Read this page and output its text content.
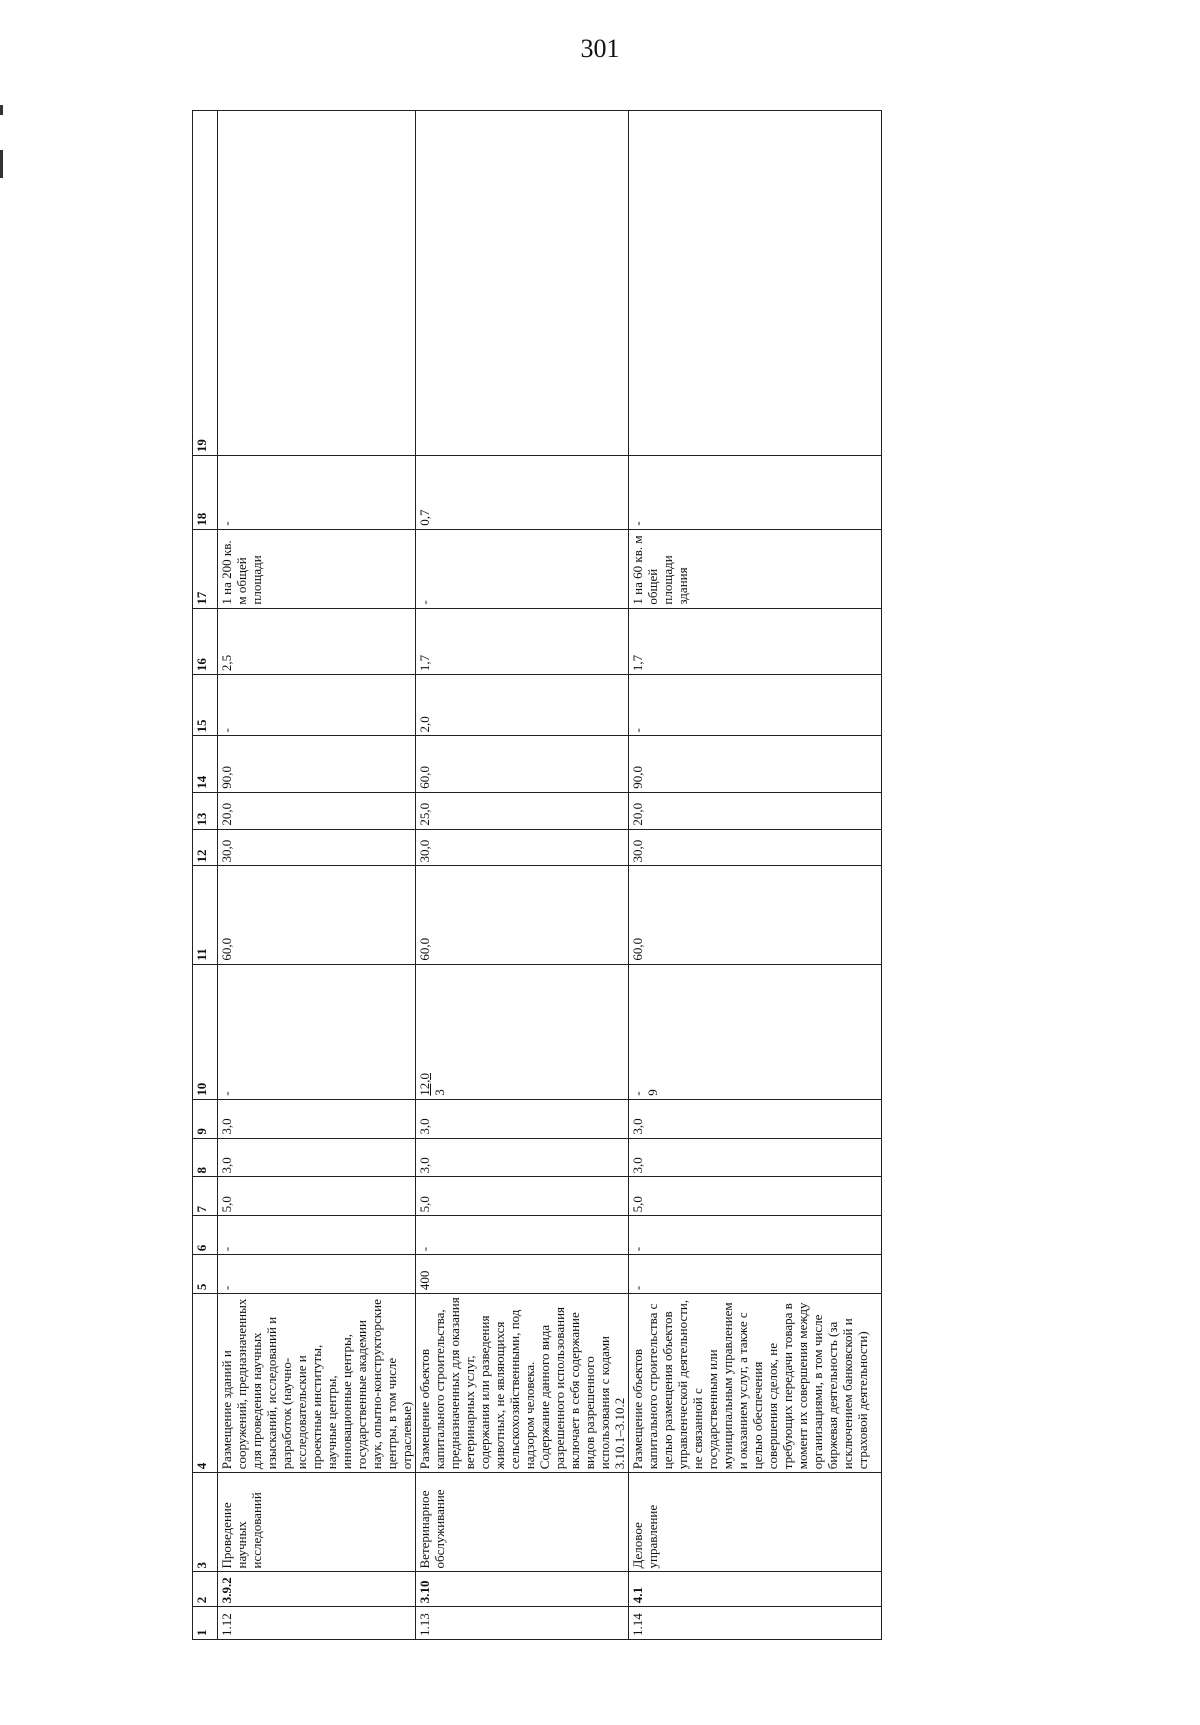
301
1	2	3	4	5	6	7	8	9	10	11	12	13	14	15	16	17	18	19
1.12	3.9.2	Проведение научных исследований	Размещение зданий и сооружений, предназначенных для проведения научных изысканий, исследований и разработок (научно-исследовательские и проектные институты, научные центры, инновационные центры, государственные академии наук, опытно-конструкторские центры, в том числе отраслевые)	-	-	5,0	3,0	3,0	-	60,0	30,0	20,0	90,0	-	2,5	1 на 200 кв. м общей площади	-	
1.13	3.10	Ветеринарное обслуживание	Размещение объектов капитального строительства, предназначенных для оказания ветеринарных услуг, содержания или разведения животных, не являющихся сельскохозяйственными, под надзором человека. Содержание данного вида разрешенного использования включает в себя содержание видов разрешенного использования с кодами 3.10.1–3.10.2	400	-	5,0	3,0	3,0	12,0 3	60,0	30,0	25,0	60,0	2,0	1,7	-	0,7	
1.14	4.1	Деловое управление	Размещение объектов капитального строительства с целью размещения объектов управленческой деятельности, не связанной с государственным или муниципальным управлением и оказанием услуг, а также с целью обеспечения совершения сделок, не требующих передачи товара в момент их совершения между организациями, в том числе биржевая деятельность (за исключением банковской и страховой деятельности)	-	-	5,0	3,0	3,0	- 9	60,0	30,0	20,0	90,0	-	1,7	1 на 60 кв. м общей площади здания	-	
